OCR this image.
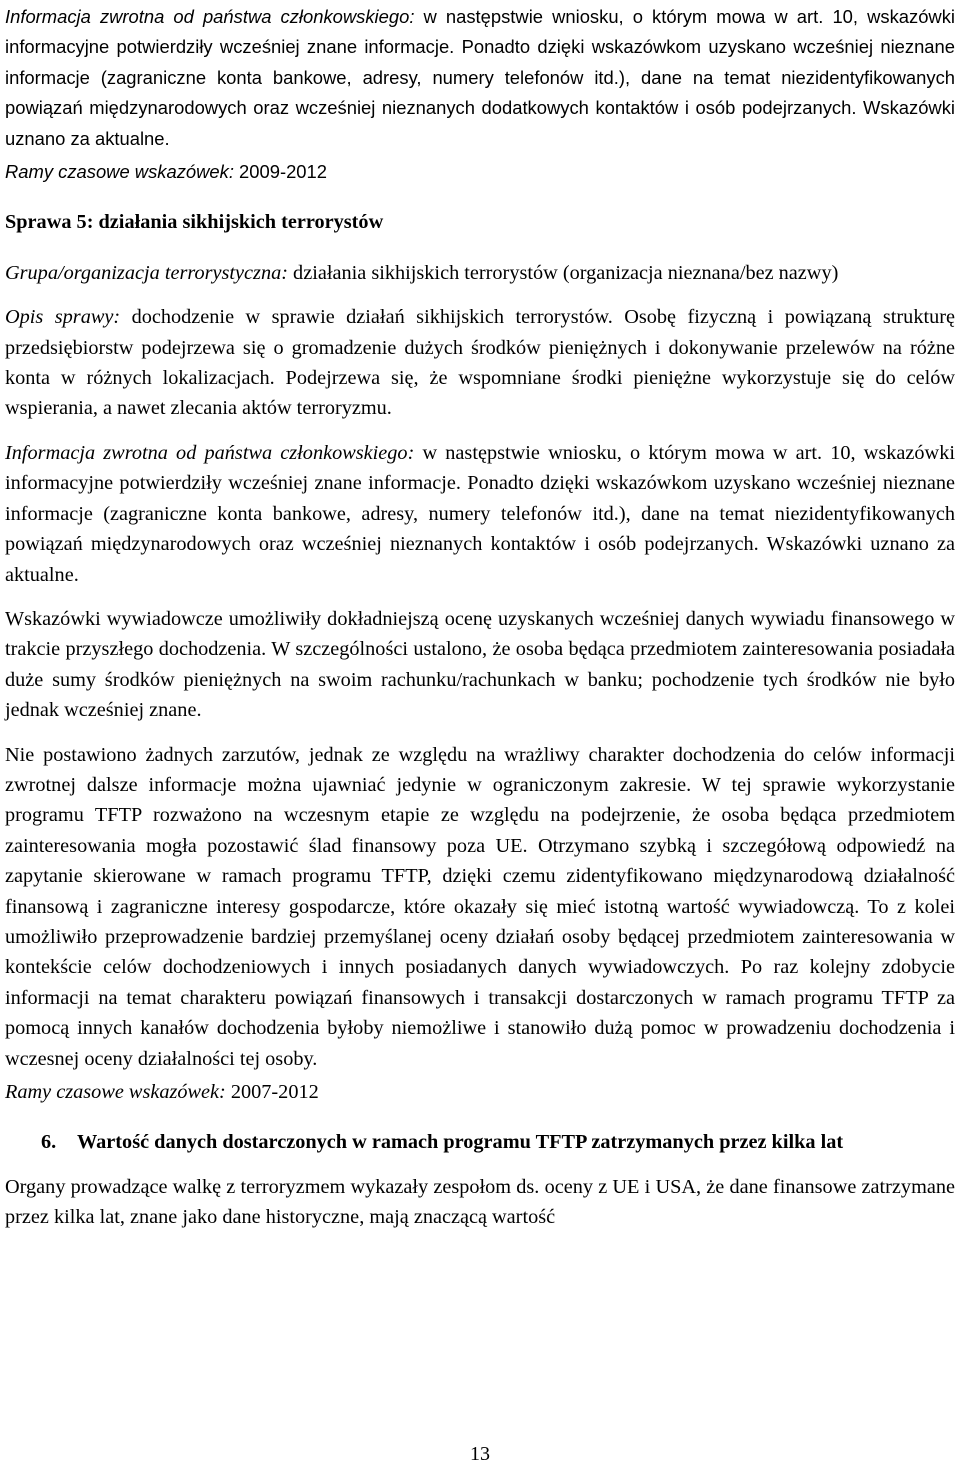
Informacja zwrotna od państwa członkowskiego: w następstwie wniosku, o którym mowa w art. 10, wskazówki informacyjne potwierdziły wcześniej znane informacje. Ponadto dzięki wskazówkom uzyskano wcześniej nieznane informacje (zagraniczne konta bankowe, adresy, numery telefonów itd.), dane na temat niezidentyfikowanych powiązań międzynarodowych oraz wcześniej nieznanych dodatkowych kontaktów i osób podejrzanych. Wskazówki uznano za aktualne.

Ramy czasowe wskazówek: 2009-2012

Sprawa 5: działania sikhijskich terrorystów

Grupa/organizacja terrorystyczna: działania sikhijskich terrorystów (organizacja nieznana/bez nazwy)

Opis sprawy: dochodzenie w sprawie działań sikhijskich terrorystów. Osobę fizyczną i powiązaną strukturę przedsiębiorstw podejrzewa się o gromadzenie dużych środków pieniężnych i dokonywanie przelewów na różne konta w różnych lokalizacjach. Podejrzewa się, że wspomniane środki pieniężne wykorzystuje się do celów wspierania, a nawet zlecania aktów terroryzmu.

Informacja zwrotna od państwa członkowskiego: w następstwie wniosku, o którym mowa w art. 10, wskazówki informacyjne potwierdziły wcześniej znane informacje. Ponadto dzięki wskazówkom uzyskano wcześniej nieznane informacje (zagraniczne konta bankowe, adresy, numery telefonów itd.), dane na temat niezidentyfikowanych powiązań międzynarodowych oraz wcześniej nieznanych kontaktów i osób podejrzanych. Wskazówki uznano za aktualne.

Wskazówki wywiadowcze umożliwiły dokładniejszą ocenę uzyskanych wcześniej danych wywiadu finansowego w trakcie przyszłego dochodzenia. W szczególności ustalono, że osoba będąca przedmiotem zainteresowania posiadała duże sumy środków pieniężnych na swoim rachunku/rachunkach w banku; pochodzenie tych środków nie było jednak wcześniej znane.

Nie postawiono żadnych zarzutów, jednak ze względu na wrażliwy charakter dochodzenia do celów informacji zwrotnej dalsze informacje można ujawniać jedynie w ograniczonym zakresie. W tej sprawie wykorzystanie programu TFTP rozważono na wczesnym etapie ze względu na podejrzenie, że osoba będąca przedmiotem zainteresowania mogła pozostawić ślad finansowy poza UE. Otrzymano szybką i szczegółową odpowiedź na zapytanie skierowane w ramach programu TFTP, dzięki czemu zidentyfikowano międzynarodową działalność finansową i zagraniczne interesy gospodarcze, które okazały się mieć istotną wartość wywiadowczą. To z kolei umożliwiło przeprowadzenie bardziej przemyślanej oceny działań osoby będącej przedmiotem zainteresowania w kontekście celów dochodzeniowych i innych posiadanych danych wywiadowczych. Po raz kolejny zdobycie informacji na temat charakteru powiązań finansowych i transakcji dostarczonych w ramach programu TFTP za pomocą innych kanałów dochodzenia byłoby niemożliwe i stanowiło dużą pomoc w prowadzeniu dochodzenia i wczesnej oceny działalności tej osoby.

Ramy czasowe wskazówek: 2007-2012

6.	Wartość danych dostarczonych w ramach programu TFTP zatrzymanych przez kilka lat

Organy prowadzące walkę z terroryzmem wykazały zespołom ds. oceny z UE i USA, że dane finansowe zatrzymane przez kilka lat, znane jako dane historyczne, mają znaczącą wartość

13
